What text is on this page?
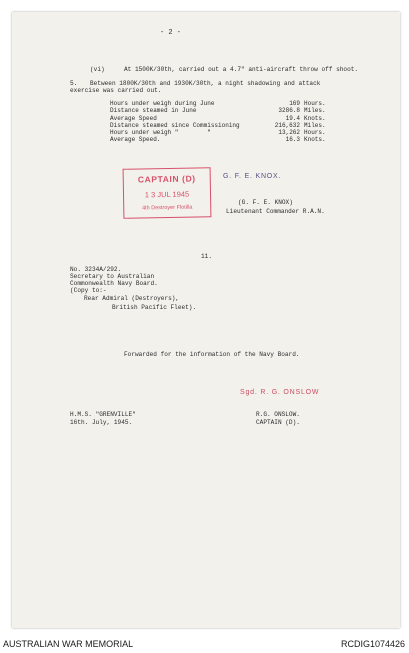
- 2 -
(vi)	At 1500K/30th, carried out a 4.7" anti-aircraft throw off shoot.
5. Between 1800K/30th and 1930K/30th, a night shadowing and attack
exercise was carried out.
Hours under weigh during June	169 Hours.
Distance steamed in June	3286.8 Miles.
Average Speed	19.4 Knots.
Distance steamed since Commissioning	216,632 Miles.
Hours under weigh "        "	13,262 Hours.
Average Speed.	16.3 Knots.
CAPTAIN (D)
1 3 JUL 1945
4th Destroyer Flotilla
G. F. E. KNOX.
(G. F. E. KNOX)
Lieutenant Commander R.A.N.
11.
No. 3234A/292.
Secretary to Australian
Commonwealth Navy Board.
(Copy to:-
Rear Admiral (Destroyers),
British Pacific Fleet).
Forwarded for the information of the Navy Board.
Sgd. R. G. ONSLOW
H.M.S. "GRENVILLE"
16th. July, 1945.
R.G. ONSLOW.
CAPTAIN (D).
AUSTRALIAN WAR MEMORIAL	RCDIG1074426
